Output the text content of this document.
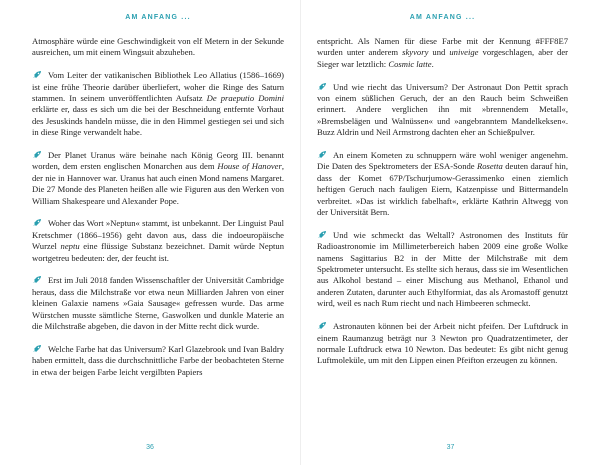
AM ANFANG ...

Atmosphäre würde eine Geschwindigkeit von elf Metern in der Sekunde ausreichen, um mit einem Wingsuit abzuheben.

Vom Leiter der vatikanischen Bibliothek Leo Allatius (1586–1669) ist eine frühe Theorie darüber überliefert, woher die Ringe des Saturn stammen. In seinem unveröffentlichten Aufsatz De praeputio Domini erklärte er, dass es sich um die bei der Beschneidung entfernte Vorhaut des Jesuskinds handeln müsse, die in den Himmel gestiegen sei und sich in diese Ringe verwandelt habe.

Der Planet Uranus wäre beinahe nach König Georg III. benannt worden, dem ersten englischen Monarchen aus dem House of Hanover, der nie in Hannover war. Uranus hat auch einen Mond namens Margaret. Die 27 Monde des Planeten heißen alle wie Figuren aus den Werken von William Shakespeare und Alexander Pope.

Woher das Wort »Neptun« stammt, ist unbekannt. Der Linguist Paul Kretschmer (1866–1956) geht davon aus, dass die indoeuropäische Wurzel neptu eine flüssige Substanz bezeichnet. Damit würde Neptun wortgetreu bedeuten: der, der feucht ist.

Erst im Juli 2018 fanden Wissenschaftler der Universität Cambridge heraus, dass die Milchstraße vor etwa neun Milliarden Jahren von einer kleinen Galaxie namens »Gaia Sausage« gefressen wurde. Das arme Würstchen musste sämtliche Sterne, Gaswolken und dunkle Materie an die Milchstraße abgeben, die davon in der Mitte recht dick wurde.

Welche Farbe hat das Universum? Karl Glazebrook und Ivan Baldry haben ermittelt, dass die durchschnittliche Farbe der beobachteten Sterne in etwa der beigen Farbe leicht vergilbten Papiers

36
AM ANFANG ...

entspricht. Als Namen für diese Farbe mit der Kennung #FFF8E7 wurden unter anderem skyvory und univeige vorgeschlagen, aber der Sieger war letztlich: Cosmic latte.

Und wie riecht das Universum? Der Astronaut Don Pettit sprach von einem süßlichen Geruch, der an den Rauch beim Schweißen erinnert. Andere verglichen ihn mit »brennendem Metall«, »Bremsbelägen und Walnüssen« und »angebranntem Mandelkeksen«. Buzz Aldrin und Neil Armstrong dachten eher an Schießpulver.

An einem Kometen zu schnuppern wäre wohl weniger angenehm. Die Daten des Spektrometers der ESA-Sonde Rosetta deuten darauf hin, dass der Komet 67P/Tschurjumow-Gerassimenko einen ziemlich heftigen Geruch nach fauligen Eiern, Katzenpisse und Bittermandeln verbreitet. »Das ist wirklich fabelhaft«, erklärte Kathrin Altwegg von der Universität Bern.

Und wie schmeckt das Weltall? Astronomen des Instituts für Radioastronomie im Millimeterbereich haben 2009 eine große Wolke namens Sagittarius B2 in der Mitte der Milchstraße mit dem Spektrometer untersucht. Es stellte sich heraus, dass sie im Wesentlichen aus Alkohol bestand – einer Mischung aus Methanol, Ethanol und anderen Zutaten, darunter auch Ethylformiat, das als Aromastoff genutzt wird, weil es nach Rum riecht und nach Himbeeren schmeckt.

Astronauten können bei der Arbeit nicht pfeifen. Der Luftdruck in einem Raumanzug beträgt nur 3 Newton pro Quadratzentimeter, der normale Luftdruck etwa 10 Newton. Das bedeutet: Es gibt nicht genug Luftmoleküle, um mit den Lippen einen Pfeifton erzeugen zu können.

37
